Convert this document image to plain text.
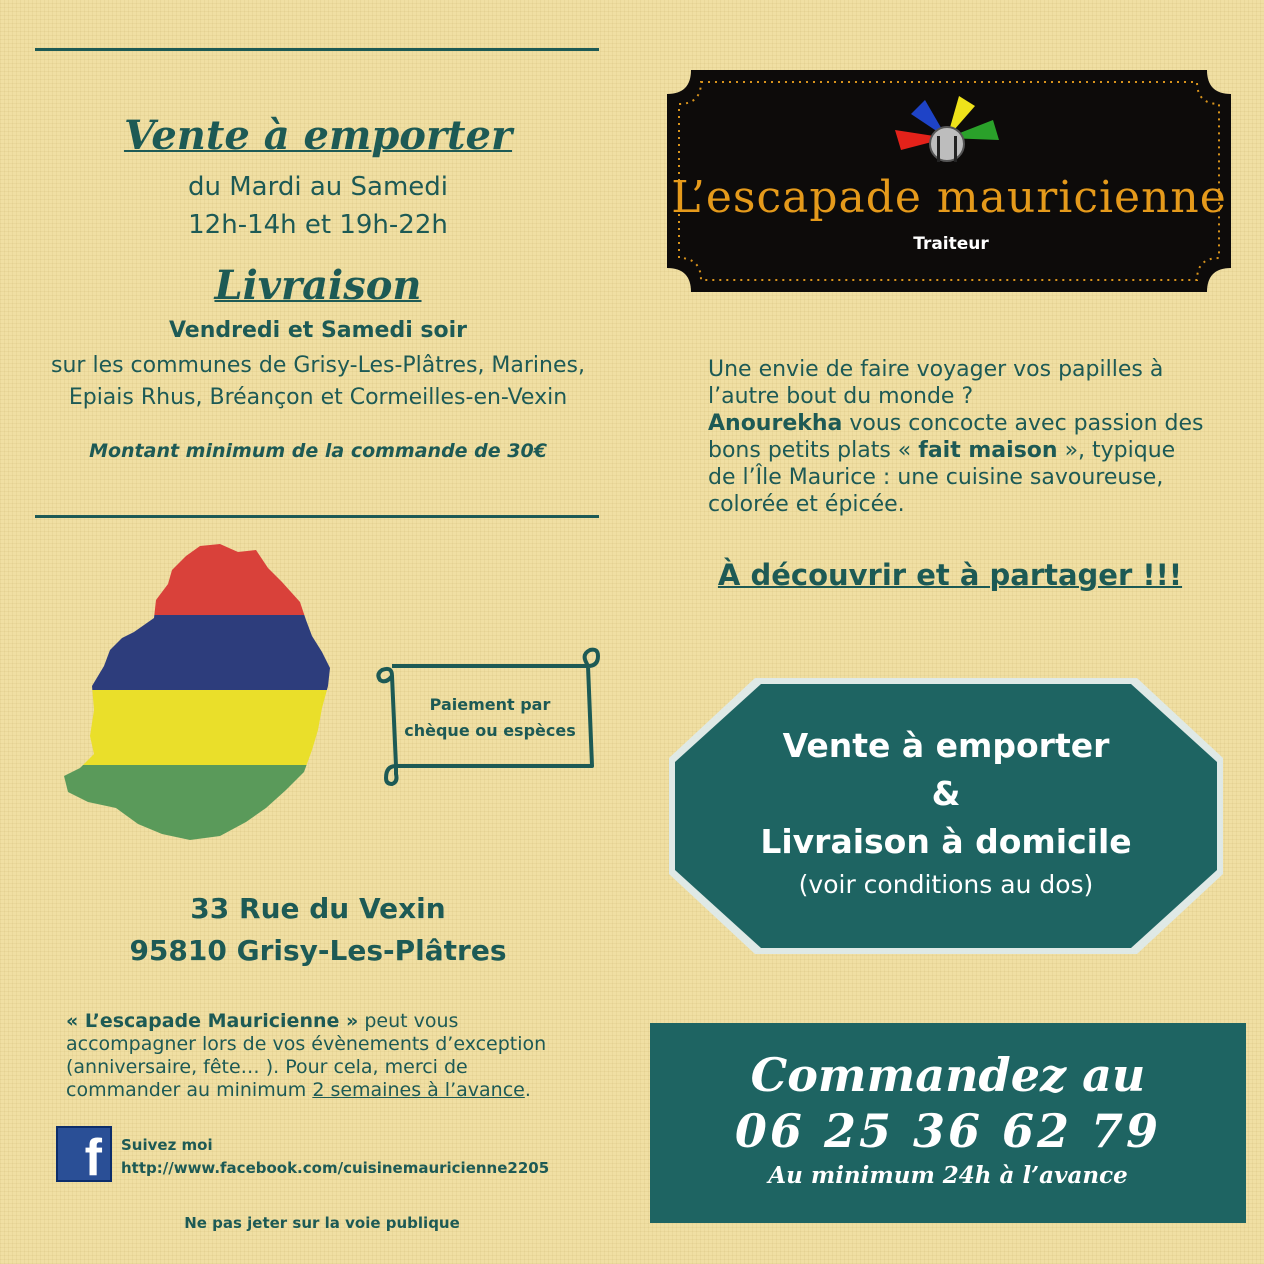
Vente à emporter
du Mardi au Samedi
12h-14h et 19h-22h
Livraison
Vendredi et Samedi soir
sur les communes de Grisy-Les-Plâtres, Marines, Epiais Rhus, Bréançon et Cormeilles-en-Vexin
Montant minimum de la commande de 30€
Paiement par
chèque ou espèces
33 Rue du Vexin
95810 Grisy-Les-Plâtres
« L’escapade Mauricienne » peut vous accompagner lors de vos évènements d’exception (anniversaire, fête… ). Pour cela, merci de commander au minimum 2 semaines à l’avance.
f Suivez moi
http://www.facebook.com/cuisinemauricienne2205
Ne pas jeter sur la voie publique
L’escapade mauricienne
Traiteur
Une envie de faire voyager vos papilles à l’autre bout du monde ?
Anourekha vous concocte avec passion des bons petits plats « fait maison », typique de l’Île Maurice : une cuisine savoureuse, colorée et épicée.
À découvrir et à partager !!!
Vente à emporter
&
Livraison à domicile
(voir conditions au dos)
Commandez au
06 25 36 62 79
Au minimum 24h à l’avance
